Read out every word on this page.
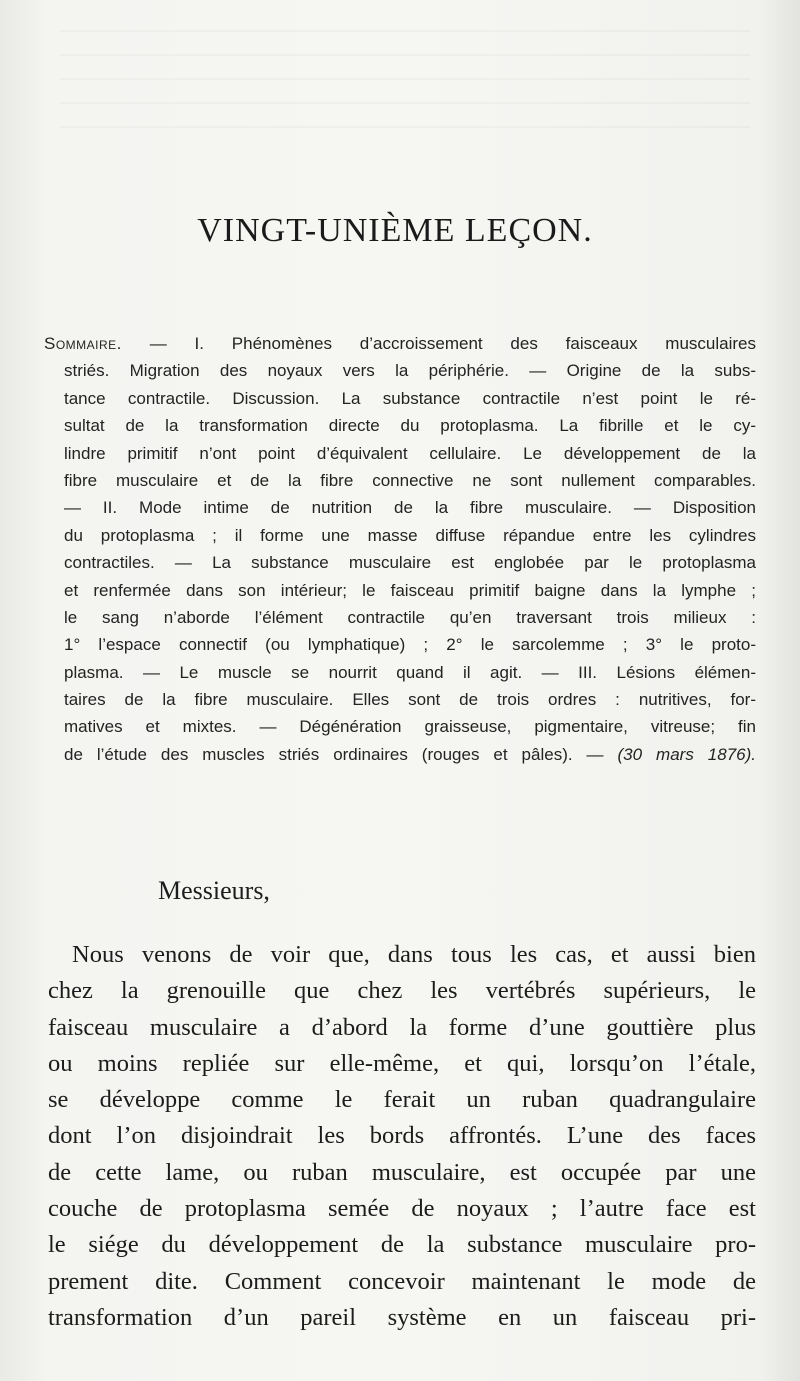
VINGT-UNIÈME LEÇON.
Sommaire. — I. Phénomènes d’accroissement des faisceaux musculaires
striés. Migration des noyaux vers la périphérie. — Origine de la subs-
tance contractile. Discussion. La substance contractile n’est point le ré-
sultat de la transformation directe du protoplasma. La fibrille et le cy-
lindre primitif n’ont point d’équivalent cellulaire. Le développement de la
fibre musculaire et de la fibre connective ne sont nullement comparables.
— II. Mode intime de nutrition de la fibre musculaire. — Disposition
du protoplasma ; il forme une masse diffuse répandue entre les cylindres
contractiles. — La substance musculaire est englobée par le protoplasma
et renfermée dans son intérieur; le faisceau primitif baigne dans la lymphe ;
le sang n’aborde l’élément contractile qu’en traversant trois milieux :
1° l’espace connectif (ou lymphatique) ; 2° le sarcolemme ; 3° le proto-
plasma. — Le muscle se nourrit quand il agit. — III. Lésions élémen-
taires de la fibre musculaire. Elles sont de trois ordres : nutritives, for-
matives et mixtes. — Dégénération graisseuse, pigmentaire, vitreuse; fin
de l’étude des muscles striés ordinaires (rouges et pâles). — (30 mars 1876).
Messieurs,
Nous venons de voir que, dans tous les cas, et aussi bien
chez la grenouille que chez les vertébrés supérieurs, le
faisceau musculaire a d’abord la forme d’une gouttière plus
ou moins repliée sur elle-même, et qui, lorsqu’on l’étale,
se développe comme le ferait un ruban quadrangulaire
dont l’on disjoindrait les bords affrontés. L’une des faces
de cette lame, ou ruban musculaire, est occupée par une
couche de protoplasma semée de noyaux ; l’autre face est
le siége du développement de la substance musculaire pro-
prement dite. Comment concevoir maintenant le mode de
transformation d’un pareil système en un faisceau pri-
